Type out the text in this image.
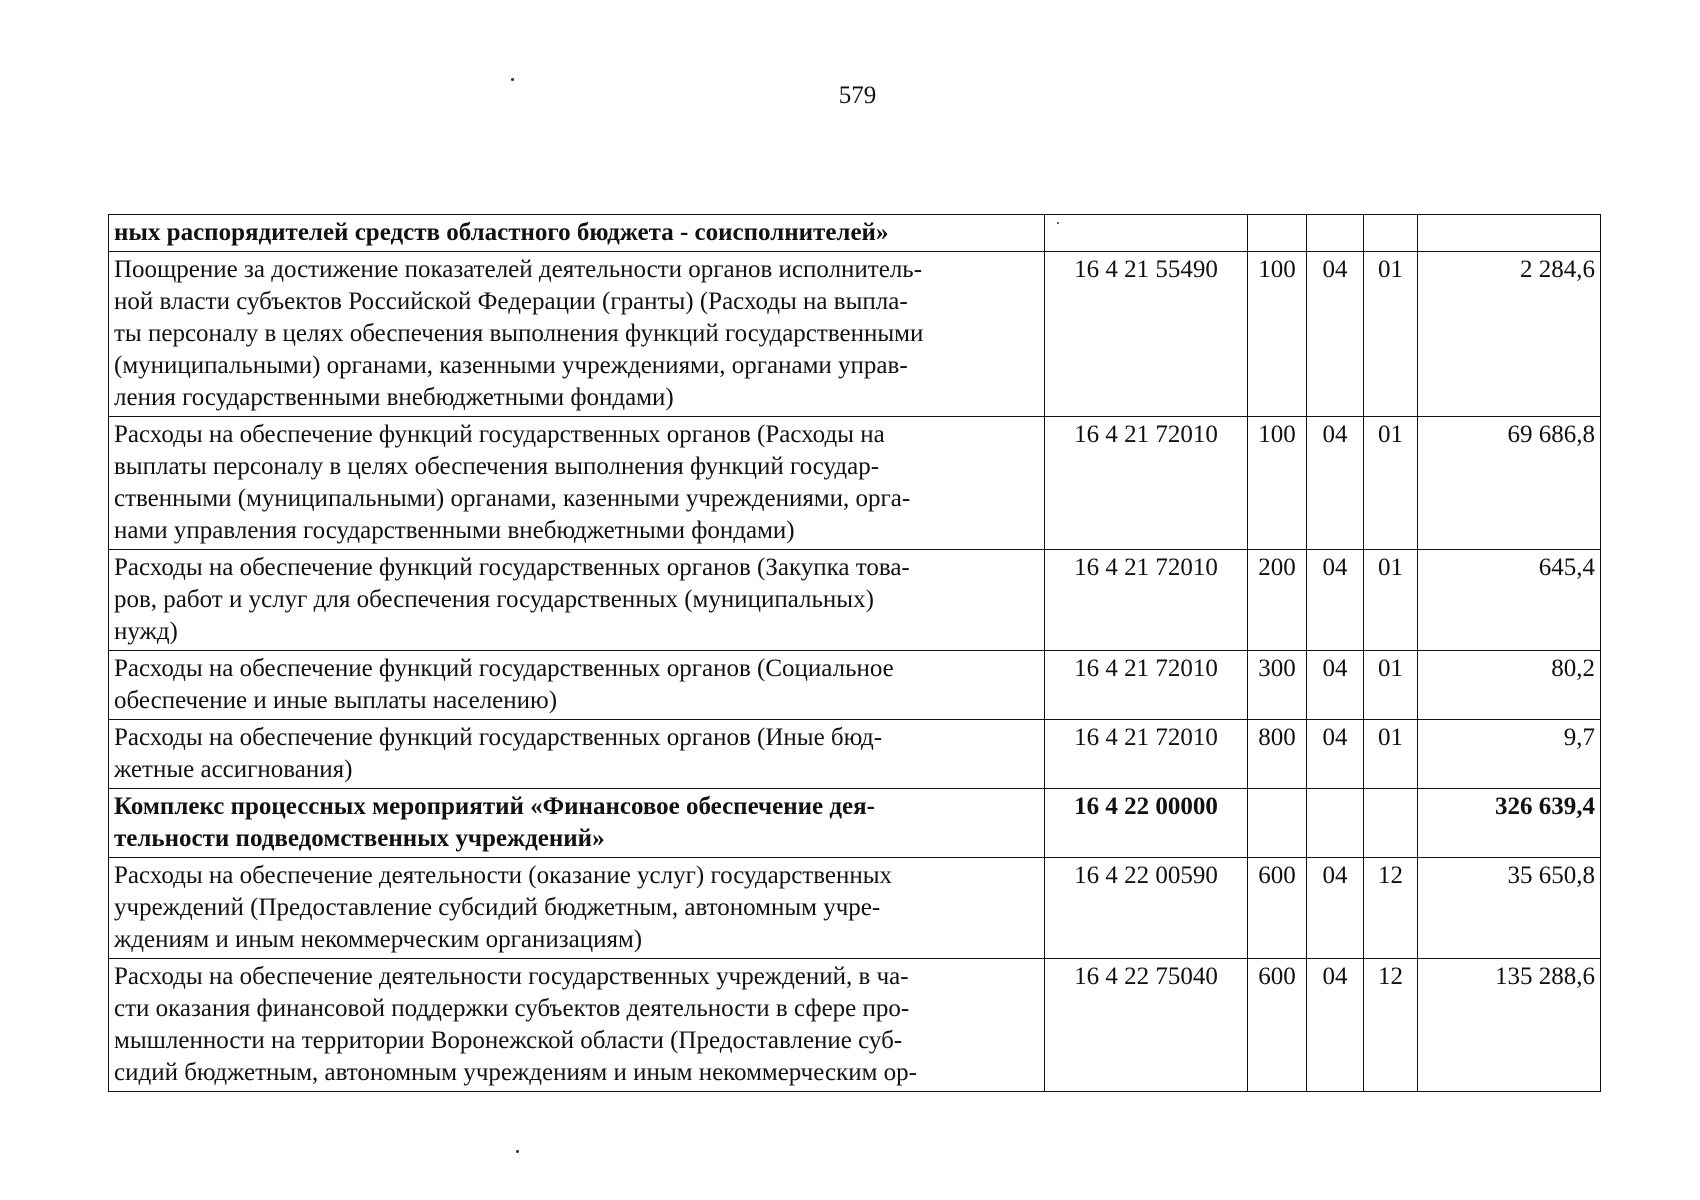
579
ных распорядителей средств областного бюджета - соисполнителей»					
Поощрение за достижение показателей деятельности органов исполнитель-
ной власти субъектов Российской Федерации (гранты) (Расходы на выпла-
ты персоналу в целях обеспечения выполнения функций государственными
(муниципальными) органами, казенными учреждениями, органами управ-
ления государственными внебюджетными фондами)	16 4 21 55490	100	04	01	2 284,6
Расходы на обеспечение функций государственных органов (Расходы на
выплаты персоналу в целях обеспечения выполнения функций государ-
ственными (муниципальными) органами, казенными учреждениями, орга-
нами управления государственными внебюджетными фондами)	16 4 21 72010	100	04	01	69 686,8
Расходы на обеспечение функций государственных органов (Закупка това-
ров, работ и услуг для обеспечения государственных (муниципальных)
нужд)	16 4 21 72010	200	04	01	645,4
Расходы на обеспечение функций государственных органов (Социальное
обеспечение и иные выплаты населению)	16 4 21 72010	300	04	01	80,2
Расходы на обеспечение функций государственных органов (Иные бюд-
жетные ассигнования)	16 4 21 72010	800	04	01	9,7
Комплекс процессных мероприятий «Финансовое обеспечение дея-
тельности подведомственных учреждений»	16 4 22 00000				326 639,4
Расходы на обеспечение деятельности (оказание услуг) государственных
учреждений (Предоставление субсидий бюджетным, автономным учре-
ждениям и иным некоммерческим организациям)	16 4 22 00590	600	04	12	35 650,8
Расходы на обеспечение деятельности государственных учреждений, в ча-
сти оказания финансовой поддержки субъектов деятельности в сфере про-
мышленности на территории Воронежской области (Предоставление суб-
сидий бюджетным, автономным учреждениям и иным некоммерческим ор-	16 4 22 75040	600	04	12	135 288,6
